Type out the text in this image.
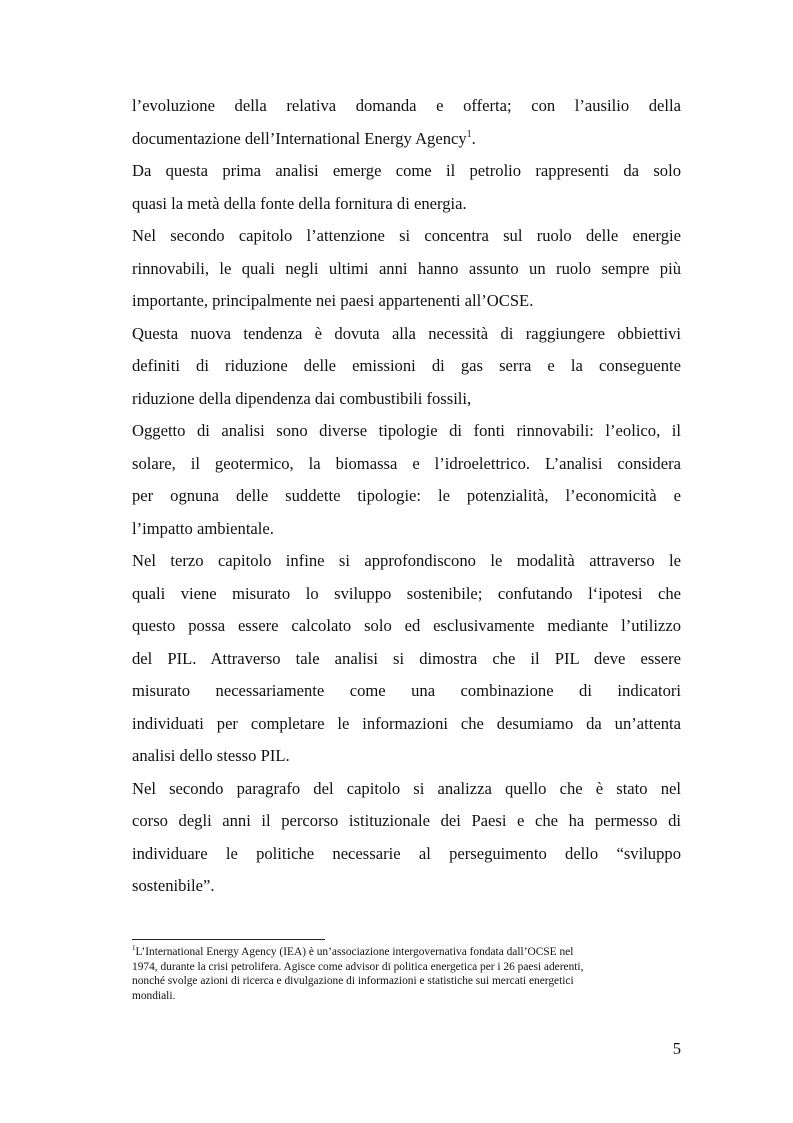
l’evoluzione della relativa domanda e offerta; con l’ausilio della
documentazione dell’International Energy Agency$^1$.
Da questa prima analisi emerge come il petrolio rappresenti da solo
quasi la metà della fonte della fornitura di energia.
Nel secondo capitolo l’attenzione si concentra sul ruolo delle energie
rinnovabili, le quali negli ultimi anni hanno assunto un ruolo sempre più
importante, principalmente nei paesi appartenenti all’OCSE.
Questa nuova tendenza è dovuta alla necessità di raggiungere obbiettivi
definiti di riduzione delle emissioni di gas serra e la conseguente
riduzione della dipendenza dai combustibili fossili,
Oggetto di analisi sono diverse tipologie di fonti rinnovabili: l’eolico, il
solare, il geotermico, la biomassa e l’idroelettrico. L’analisi considera
per ognuna delle suddette tipologie: le potenzialità, l’economicità e
l’impatto ambientale.
Nel terzo capitolo infine si approfondiscono le modalità attraverso le
quali viene misurato lo sviluppo sostenibile; confutando l‘ipotesi che
questo possa essere calcolato solo ed esclusivamente mediante l’utilizzo
del PIL. Attraverso tale analisi si dimostra che il PIL deve essere
misurato necessariamente come una combinazione di indicatori
individuati per completare le informazioni che desumiamo da un’attenta
analisi dello stesso PIL.
Nel secondo paragrafo del capitolo si analizza quello che è stato nel
corso degli anni il percorso istituzionale dei Paesi e che ha permesso di
individuare le politiche necessarie al perseguimento dello “sviluppo
sostenibile”.
$^1$L’International Energy Agency (IEA) è un’associazione intergovernativa fondata dall’OCSE nel
1974, durante la crisi petrolifera. Agisce come advisor di politica energetica per i 26 paesi aderenti,
nonché svolge azioni di ricerca e divulgazione di informazioni e statistiche sui mercati energetici
mondiali.
5
